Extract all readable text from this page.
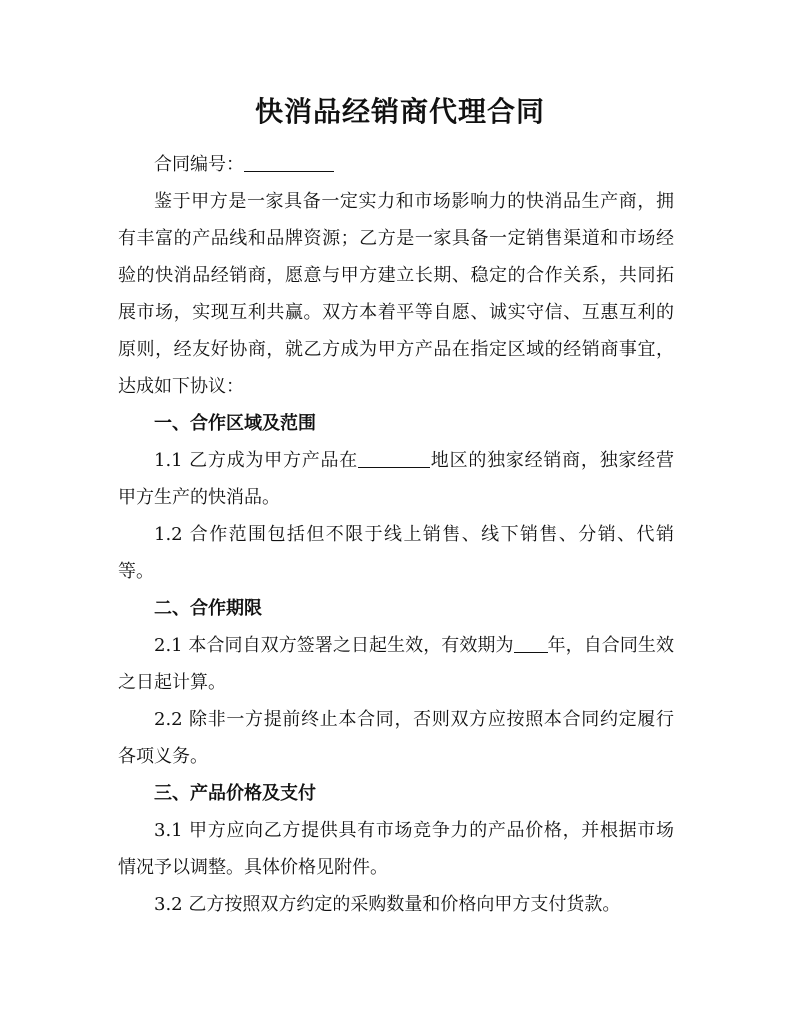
快消品经销商代理合同

合同编号：

鉴于甲方是一家具备一定实力和市场影响力的快消品生产商，拥有丰富的产品线和品牌资源；乙方是一家具备一定销售渠道和市场经验的快消品经销商，愿意与甲方建立长期、稳定的合作关系，共同拓展市场，实现互利共赢。双方本着平等自愿、诚实守信、互惠互利的原则，经友好协商，就乙方成为甲方产品在指定区域的经销商事宜，达成如下协议：

一、合作区域及范围

1.1 乙方成为甲方产品在	地区的独家经销商，独家经营甲方生产的快消品。

1.2 合作范围包括但不限于线上销售、线下销售、分销、代销等。

二、合作期限

2.1 本合同自双方签署之日起生效，有效期为 年，自合同生效之日起计算。

2.2 除非一方提前终止本合同，否则双方应按照本合同约定履行各项义务。

三、产品价格及支付

3.1 甲方应向乙方提供具有市场竞争力的产品价格，并根据市场情况予以调整。具体价格见附件。

3.2 乙方按照双方约定的采购数量和价格向甲方支付货款。
